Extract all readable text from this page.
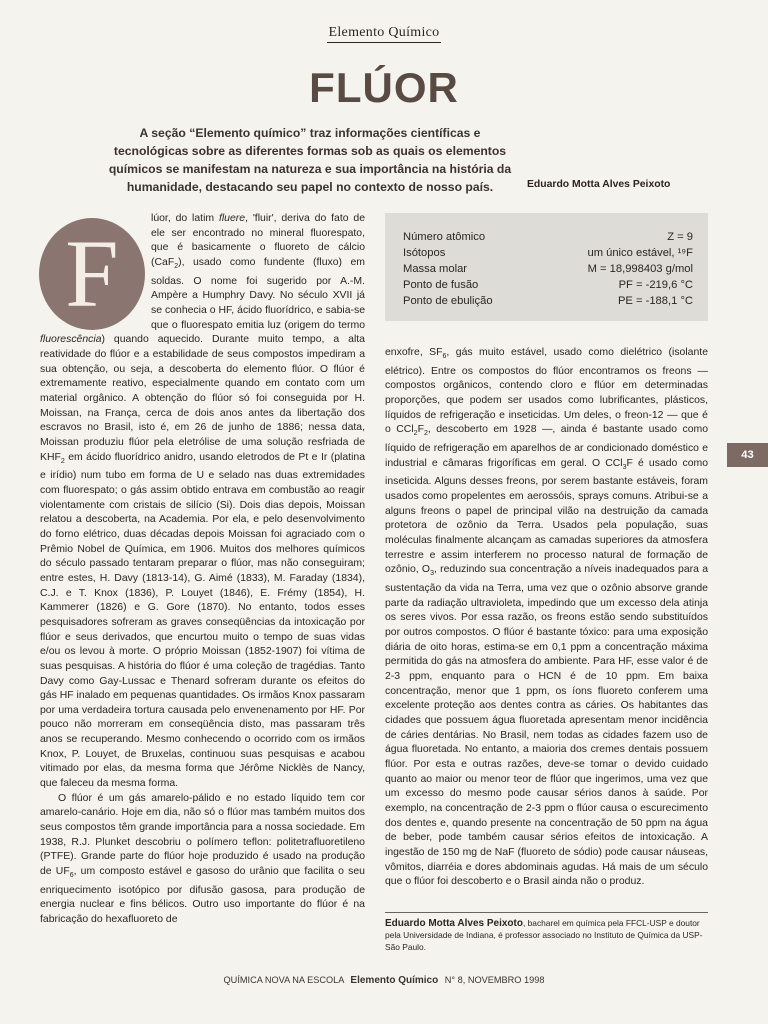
Elemento Químico
FLÚOR
A seção “Elemento químico” traz informações científicas e tecnológicas sobre as diferentes formas sob as quais os elementos químicos se manifestam na natureza e sua importância na história da humanidade, destacando seu papel no contexto de nosso país.	Eduardo Motta Alves Peixoto
F

lúor, do latim fluere, 'fluir', deriva do fato de ele ser encontrado no mineral fluorespato, que é basicamente o fluoreto de cálcio (CaF$_2$), usado como fundente (fluxo) em soldas. O nome foi sugerido por A.-M. Ampère a Humphry Davy. No século XVII já se conhecia o HF, ácido fluorídrico, e sabia-se que o fluorespato emitia luz (origem do termo fluorescência) quando aquecido. Durante muito tempo, a alta reatividade do flúor e a estabilidade de seus compostos impediram a sua obtenção, ou seja, a descoberta do elemento flúor. O flúor é extremamente reativo, especialmente quando em contato com um material orgânico. A obtenção do flúor só foi conseguida por H. Moissan, na França, cerca de dois anos antes da libertação dos escravos no Brasil, isto é, em 26 de junho de 1886; nessa data, Moissan produziu flúor pela eletrólise de uma solução resfriada de $KHF_2$ em ácido fluorídrico anidro, usando eletrodos de Pt e Ir (platina e irídio) num tubo em forma de U e selado nas duas extremidades com fluorespato; o gás assim obtido entrava em combustão ao reagir violentamente com cristais de silício (Si). Dois dias depois, Moissan relatou a descoberta, na Academia. Por ela, e pelo desenvolvimento do forno elétrico, duas décadas depois Moissan foi agraciado com o Prêmio Nobel de Química, em 1906. Muitos dos melhores químicos do século passado tentaram preparar o flúor, mas não conseguiram; entre estes, H. Davy (1813-14), G. Aimé (1833), M. Faraday (1834), C.J. e T. Knox (1836), P. Louyet (1846), E. Frémy (1854), H. Kammerer (1826) e G. Gore (1870). No entanto, todos esses pesquisadores sofreram as graves conseqüências da intoxicação por flúor e seus derivados, que encurtou muito o tempo de suas vidas e/ou os levou à morte. O próprio Moissan (1852-1907) foi vítima de suas pesquisas. A história do flúor é uma coleção de tragédias. Tanto Davy como Gay-Lussac e Thenard sofreram durante os efeitos do gás HF inalado em pequenas quantidades. Os irmãos Knox passaram por uma verdadeira tortura causada pelo envenenamento por HF. Por pouco não morreram em conseqüência disto, mas passaram três anos se recuperando. Mesmo conhecendo o ocorrido com os irmãos Knox, P. Louyet, de Bruxelas, continuou suas pesquisas e acabou vitimado por elas, da mesma forma que Jérôme Nicklès de Nancy, que faleceu da mesma forma.

O flúor é um gás amarelo-pálido e no estado líquido tem cor amarelo-canário. Hoje em dia, não só o flúor mas também muitos dos seus compostos têm grande importância para a nossa sociedade. Em 1938, R.J. Plunket descobriu o polímero teflon: politetrafluoretileno (PTFE). Grande parte do flúor hoje produzido é usado na produção de $UF_6$, um composto estável e gasoso do urânio que facilita o seu enriquecimento isotópico por difusão gasosa, para produção de energia nuclear e fins bélicos. Outro uso importante do flúor é na fabricação do hexafluoreto de

Número atômico	Z = 9
Isótopos	um único estável, ¹⁹F
Massa molar	M = 18,998403 g/mol
Ponto de fusão	PF = -219,6 °C
Ponto de ebulição	PE = -188,1 °C

enxofre, $SF_6$, gás muito estável, usado como dielétrico (isolante elétrico). Entre os compostos do flúor encontramos os freons — compostos orgânicos, contendo cloro e flúor em determinadas proporções, que podem ser usados como lubrificantes, plásticos, líquidos de refrigeração e inseticidas. Um deles, o freon-12 — que é o $CCl_2F_2$, descoberto em 1928 —, ainda é bastante usado como líquido de refrigeração em aparelhos de ar condicionado doméstico e industrial e câmaras frigoríficas em geral. O CCl$_3$F é usado como inseticida. Alguns desses freons, por serem bastante estáveis, foram usados como propelentes em aerossóis, sprays comuns. Atribui-se a alguns freons o papel de principal vilão na destruição da camada protetora de ozônio da Terra. Usados pela população, suas moléculas finalmente alcançam as camadas superiores da atmosfera terrestre e assim interferem no processo natural de formação de ozônio, $O_3$, reduzindo sua concentração a níveis inadequados para a sustentação da vida na Terra, uma vez que o ozônio absorve grande parte da radiação ultravioleta, impedindo que um excesso dela atinja os seres vivos. Por essa razão, os freons estão sendo substituídos por outros compostos. O flúor é bastante tóxico: para uma exposição diária de oito horas, estima-se em 0,1 ppm a concentração máxima permitida do gás na atmosfera do ambiente. Para HF, esse valor é de 2-3 ppm, enquanto para o HCN é de 10 ppm. Em baixa concentração, menor que 1 ppm, os íons fluoreto conferem uma excelente proteção aos dentes contra as cáries. Os habitantes das cidades que possuem água fluoretada apresentam menor incidência de cáries dentárias. No Brasil, nem todas as cidades fazem uso de água fluoretada. No entanto, a maioria dos cremes dentais possuem flúor. Por esta e outras razões, deve-se tomar o devido cuidado quanto ao maior ou menor teor de flúor que ingerimos, uma vez que um excesso do mesmo pode causar sérios danos à saúde. Por exemplo, na concentração de 2-3 ppm o flúor causa o escurecimento dos dentes e, quando presente na concentração de 50 ppm na água de beber, pode também causar sérios efeitos de intoxicação. A ingestão de 150 mg de NaF (fluoreto de sódio) pode causar náuseas, vômitos, diarréia e dores abdominais agudas. Há mais de um século que o flúor foi descoberto e o Brasil ainda não o produz.

Eduardo Motta Alves Peixoto, bacharel em química pela FFCL-USP e doutor pela Universidade de Indiana, é professor associado no Instituto de Química da USP-São Paulo.
43
QUÍMICA NOVA NA ESCOLA Elemento Químico N° 8, NOVEMBRO 1998
